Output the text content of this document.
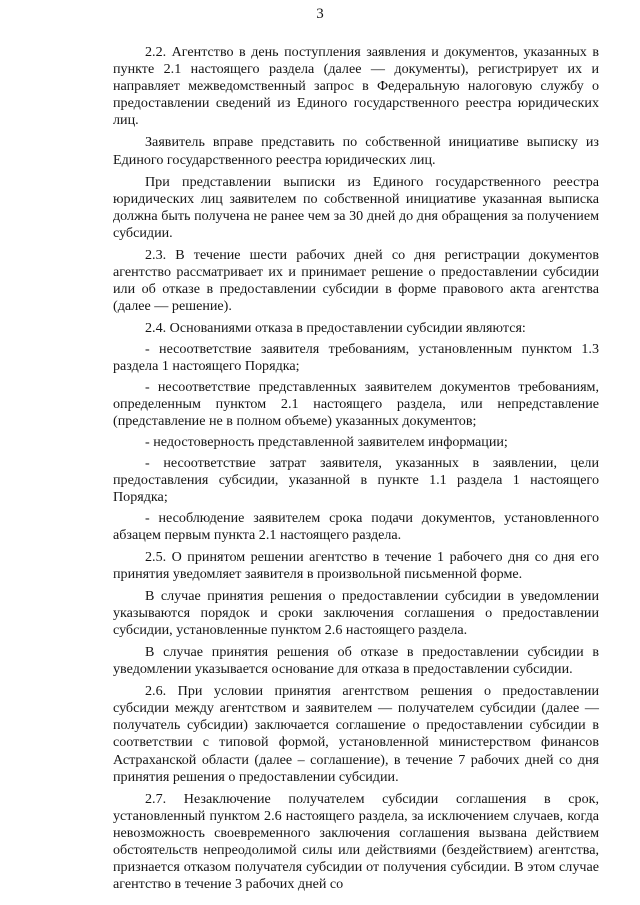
3

2.2. Агентство в день поступления заявления и документов, указанных в пункте 2.1 настоящего раздела (далее — документы), регистрирует их и направляет межведомственный запрос в Федеральную налоговую службу о предоставлении сведений из Единого государственного реестра юридических лиц.

Заявитель вправе представить по собственной инициативе выписку из Единого государственного реестра юридических лиц.

При представлении выписки из Единого государственного реестра юридических лиц заявителем по собственной инициативе указанная выписка должна быть получена не ранее чем за 30 дней до дня обращения за получением субсидии.

2.3. В течение шести рабочих дней со дня регистрации документов агентство рассматривает их и принимает решение о предоставлении субсидии или об отказе в предоставлении субсидии в форме правового акта агентства (далее — решение).

2.4. Основаниями отказа в предоставлении субсидии являются:

- несоответствие заявителя требованиям, установленным пунктом 1.3 раздела 1 настоящего Порядка;

- несоответствие представленных заявителем документов требованиям, определенным пунктом 2.1 настоящего раздела, или непредставление (представление не в полном объеме) указанных документов;

- недостоверность представленной заявителем информации;

- несоответствие затрат заявителя, указанных в заявлении, цели предоставления субсидии, указанной в пункте 1.1 раздела 1 настоящего Порядка;

- несоблюдение заявителем срока подачи документов, установленного абзацем первым пункта 2.1 настоящего раздела.

2.5. О принятом решении агентство в течение 1 рабочего дня со дня его принятия уведомляет заявителя в произвольной письменной форме.

В случае принятия решения о предоставлении субсидии в уведомлении указываются порядок и сроки заключения соглашения о предоставлении субсидии, установленные пунктом 2.6 настоящего раздела.

В случае принятия решения об отказе в предоставлении субсидии в уведомлении указывается основание для отказа в предоставлении субсидии.

2.6. При условии принятия агентством решения о предоставлении субсидии между агентством и заявителем — получателем субсидии (далее — получатель субсидии) заключается соглашение о предоставлении субсидии в соответствии с типовой формой, установленной министерством финансов Астраханской области (далее – соглашение), в течение 7 рабочих дней со дня принятия решения о предоставлении субсидии.

2.7. Незаключение получателем субсидии соглашения в срок, установленный пунктом 2.6 настоящего раздела, за исключением случаев, когда невозможность своевременного заключения соглашения вызвана действием обстоятельств непреодолимой силы или действиями (бездействием) агентства, признается отказом получателя субсидии от получения субсидии. В этом случае агентство в течение 3 рабочих дней со
